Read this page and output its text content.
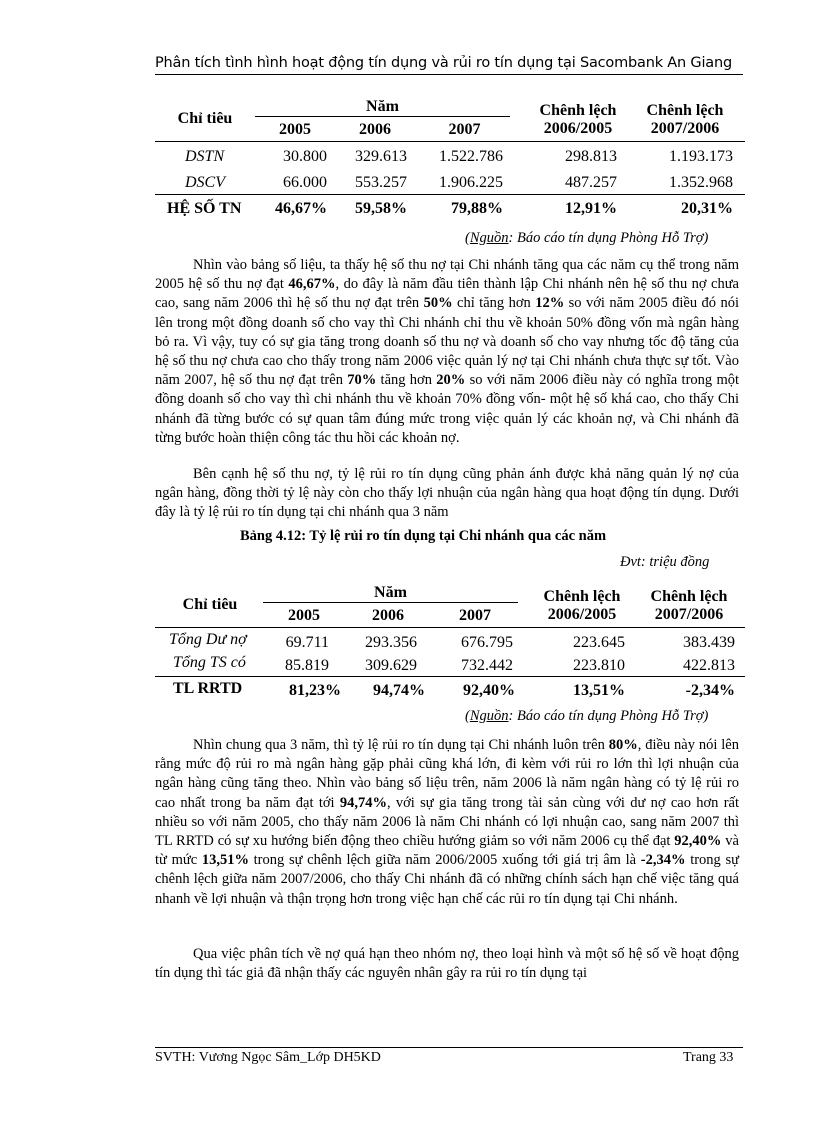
Phân tích tình hình hoạt động tín dụng và rủi ro tín dụng tại Sacombank An Giang
Chỉ tiêu
Năm
2005	2006	2007
Chênh lệch
2006/2005
Chênh lệch
2007/2006
DSTN	30.800	329.613	1.522.786	298.813	1.193.173
DSCV	66.000	553.257	1.906.225	487.257	1.352.968
HỆ SỐ TN	46,67%	59,58%	79,88%	12,91%	20,31%
(Nguồn: Báo cáo tín dụng Phòng Hỗ Trợ)

Nhìn vào bảng số liệu, ta thấy hệ số thu nợ tại Chi nhánh tăng qua các năm cụ thể trong năm 2005 hệ số thu nợ đạt 46,67%, do đây là năm đầu tiên thành lập Chi nhánh nên hệ số thu nợ chưa cao, sang năm 2006 thì hệ số thu nợ đạt trên 50% chỉ tăng hơn 12% so với năm 2005 điều đó nói lên trong một đồng doanh số cho vay thì Chi nhánh chỉ thu về khoản 50% đồng vốn mà ngân hàng bỏ ra. Vì vậy, tuy có sự gia tăng trong doanh số thu nợ và doanh số cho vay nhưng tốc độ tăng của hệ số thu nợ chưa cao cho thấy trong năm 2006 việc quản lý nợ tại Chi nhánh chưa thực sự tốt. Vào năm 2007, hệ số thu nợ đạt trên 70% tăng hơn 20% so với năm 2006 điều này có nghĩa trong một đồng doanh số cho vay thì chi nhánh thu về khoản 70% đồng vốn- một hệ số khá cao, cho thấy Chi nhánh đã từng bước có sự quan tâm đúng mức trong việc quản lý các khoản nợ, và Chi nhánh đã từng bước hoàn thiện công tác thu hồi các khoản nợ.

Bên cạnh hệ số thu nợ, tỷ lệ rủi ro tín dụng cũng phản ánh được khả năng quản lý nợ của ngân hàng, đồng thời tỷ lệ này còn cho thấy lợi nhuận của ngân hàng qua hoạt động tín dụng. Dưới đây là tỷ lệ rủi ro tín dụng tại chi nhánh qua 3 năm

Bảng 4.12: Tỷ lệ rủi ro tín dụng tại Chi nhánh qua các năm
Đvt: triệu đồng
Chỉ tiêu
Năm
2005	2006	2007
Chênh lệch
2006/2005
Chênh lệch
2007/2006
Tổng Dư nợ	69.711	293.356	676.795	223.645	383.439
Tổng TS có	85.819	309.629	732.442	223.810	422.813
TL RRTD	81,23%	94,74%	92,40%	13,51%	-2,34%
(Nguồn: Báo cáo tín dụng Phòng Hỗ Trợ)

Nhìn chung qua 3 năm, thì tỷ lệ rủi ro tín dụng tại Chi nhánh luôn trên 80%, điều này nói lên rằng mức độ rủi ro mà ngân hàng gặp phải cũng khá lớn, đi kèm với rủi ro lớn thì lợi nhuận của ngân hàng cũng tăng theo. Nhìn vào bảng số liệu trên, năm 2006 là năm ngân hàng có tỷ lệ rủi ro cao nhất trong ba năm đạt tới 94,74%, với sự gia tăng trong tài sản cùng với dư nợ cao hơn rất nhiều so với năm 2005, cho thấy năm 2006 là năm Chi nhánh có lợi nhuận cao, sang năm 2007 thì TL RRTD có sự xu hướng biến động theo chiều hướng giảm so với năm 2006 cụ thể đạt 92,40% và từ mức 13,51% trong sự chênh lệch giữa năm 2006/2005 xuống tới giá trị âm là -2,34% trong sự chênh lệch giữa năm 2007/2006, cho thấy Chi nhánh đã có những chính sách hạn chế việc tăng quá nhanh về lợi nhuận và thận trọng hơn trong việc hạn chế các rủi ro tín dụng tại Chi nhánh.

Qua việc phân tích về nợ quá hạn theo nhóm nợ, theo loại hình và một số hệ số về hoạt động tín dụng thì tác giả đã nhận thấy các nguyên nhân gây ra rủi ro tín dụng tại

SVTH: Vương Ngọc Sâm_Lớp DH5KD	Trang 33
